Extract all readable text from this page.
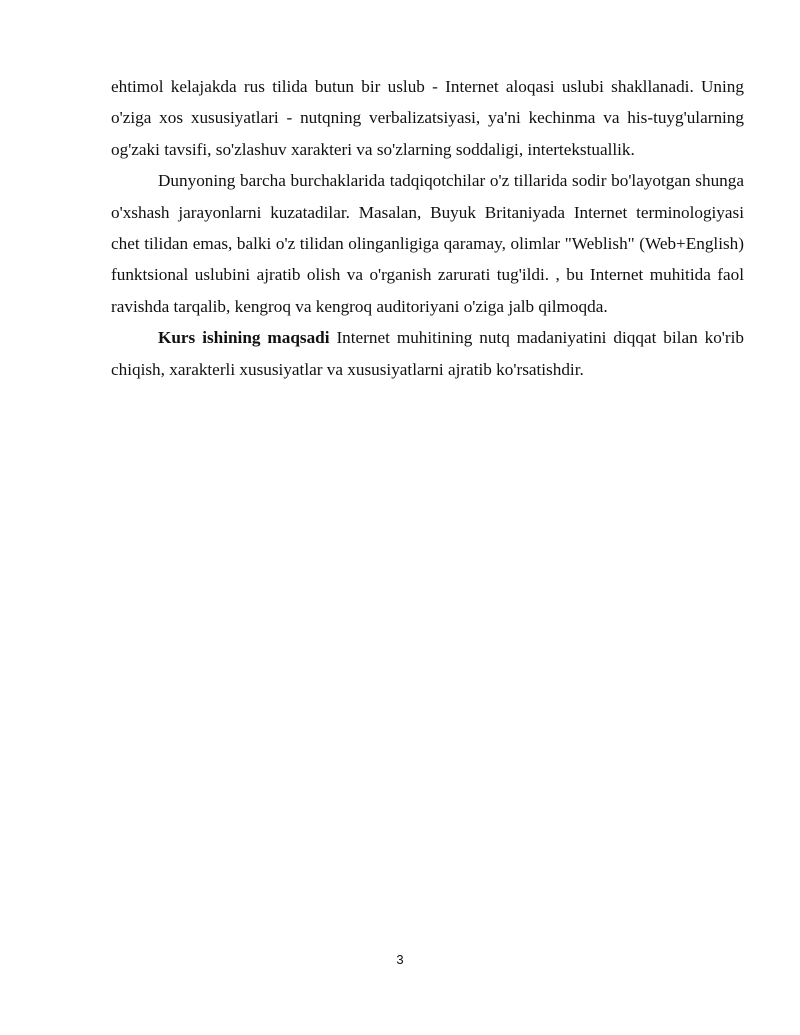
ehtimol kelajakda rus tilida butun bir uslub - Internet aloqasi uslubi shakllanadi. Uning o'ziga xos xususiyatlari - nutqning verbalizatsiyasi, ya'ni kechinma va his-tuyg'ularning og'zaki tavsifi, so'zlashuv xarakteri va so'zlarning soddaligi, intertekstuallik.

Dunyoning barcha burchaklarida tadqiqotchilar o'z tillarida sodir bo'layotgan shunga o'xshash jarayonlarni kuzatadilar. Masalan, Buyuk Britaniyada Internet terminologiyasi chet tilidan emas, balki o'z tilidan olinganligiga qaramay, olimlar "Weblish" (Web+English) funktsional uslubini ajratib olish va o'rganish zarurati tug'ildi. , bu Internet muhitida faol ravishda tarqalib, kengroq va kengroq auditoriyani o'ziga jalb qilmoqda.

Kurs ishining maqsadi Internet muhitining nutq madaniyatini diqqat bilan ko'rib chiqish, xarakterli xususiyatlar va xususiyatlarni ajratib ko'rsatishdir.

3
